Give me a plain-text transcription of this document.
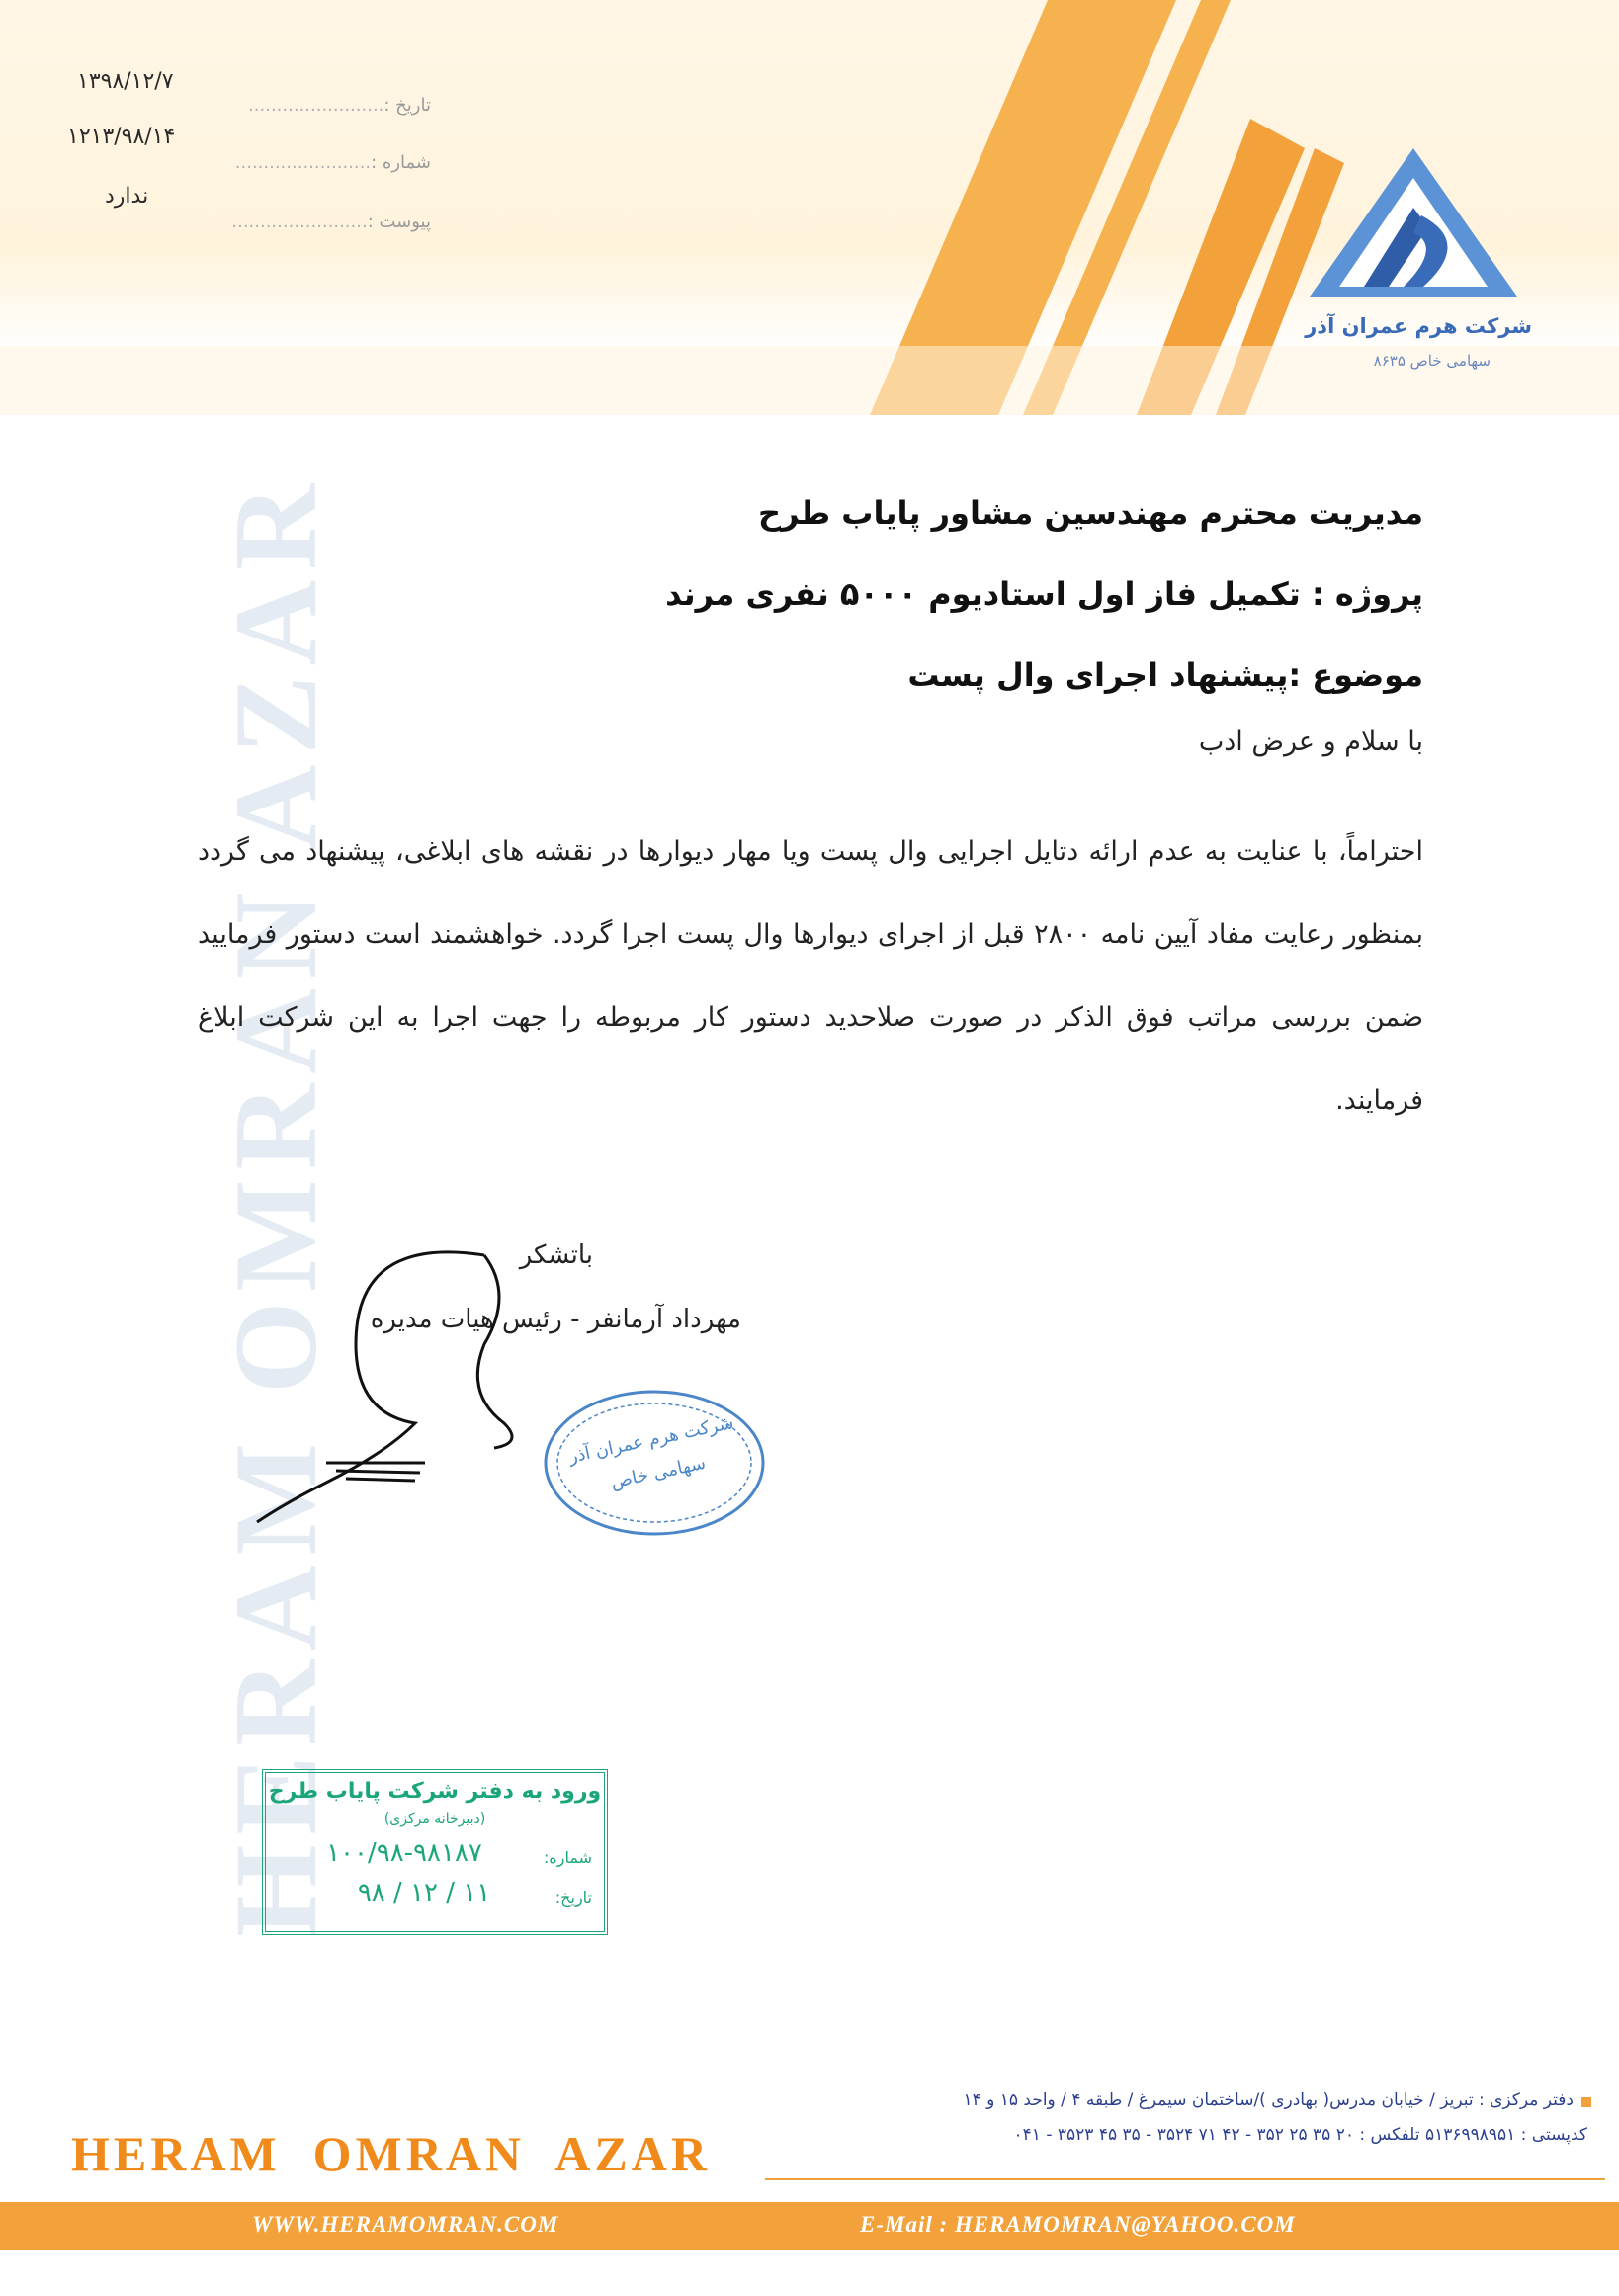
شرکت هرم عمران آذر
سهامی خاص ۸۶۳۵
HERAM OMRAN AZAR
۱۳۹۸/۱۲/۷
تاریخ :........................
۱۲۱۳/۹۸/۱۴
شماره :........................
ندارد
پیوست :........................
مدیریت محترم مهندسین مشاور پایاب طرح
پروژه : تکمیل فاز اول استادیوم ۵۰۰۰ نفری مرند
موضوع :پیشنهاد اجرای وال پست
با سلام و عرض ادب
احتراماً، با عنایت به عدم ارائه دتایل اجرایی وال پست ویا مهار دیوارها در نقشه های ابلاغی، پیشنهاد می گردد بمنظور رعایت مفاد آیین نامه ۲۸۰۰ قبل از اجرای دیوارها وال پست اجرا گردد. خواهشمند است دستور فرمایید ضمن بررسی مراتب فوق الذکر در صورت صلاحدید دستور کار مربوطه را جهت اجرا به این شرکت ابلاغ فرمایند.
باتشکر
مهرداد آرمانفر - رئیس هیات مدیره
شرکت هرم عمران آذر سهامی خاص
ورود به دفتر شرکت پایاب طرح
(دبیرخانه مرکزی)
شماره:
۱۰۰/۹۸-۹۸۱۸۷
تاریخ:
۹۸ / ۱۲ / ۱۱
HERAM  OMRAN  AZAR
دفتر مرکزی : تبریز / خیابان مدرس( بهادری )/ساختمان سیمرغ / طبقه ۴ / واحد ۱۵ و ۱۴
کدپستی : ۵۱۳۶۹۹۸۹۵۱ تلفکس : ۲۰ ۳۵ ۲۵ ۳۵۲ - ۴۲ ۷۱ ۳۵۲۴ - ۳۵ ۴۵ ۳۵۲۳ - ۰۴۱
WWW.HERAMOMRAN.COM	E-Mail : HERAMOMRAN@YAHOO.COM
